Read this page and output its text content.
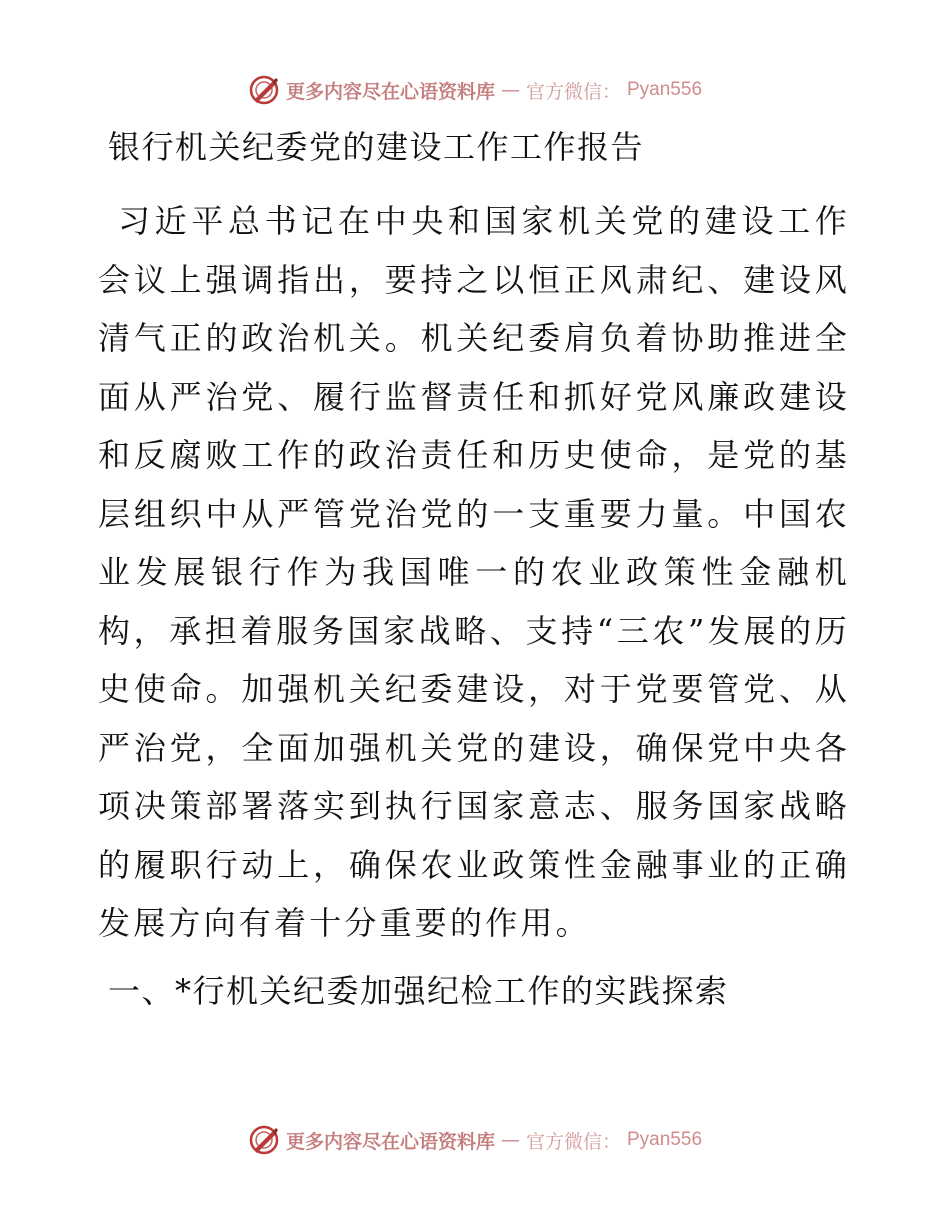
更多内容尽在心语资料库 — 官方微信： Pyan556
银行机关纪委党的建设工作工作报告

习近平总书记在中央和国家机关党的建设工作会议上强调指出，要持之以恒正风肃纪、建设风清气正的政治机关。机关纪委肩负着协助推进全面从严治党、履行监督责任和抓好党风廉政建设和反腐败工作的政治责任和历史使命，是党的基层组织中从严管党治党的一支重要力量。中国农业发展银行作为我国唯一的农业政策性金融机构，承担着服务国家战略、支持“三农”发展的历史使命。加强机关纪委建设，对于党要管党、从严治党，全面加强机关党的建设，确保党中央各项决策部署落实到执行国家意志、服务国家战略的履职行动上，确保农业政策性金融事业的正确发展方向有着十分重要的作用。

一、*行机关纪委加强纪检工作的实践探索
更多内容尽在心语资料库 — 官方微信： Pyan556
